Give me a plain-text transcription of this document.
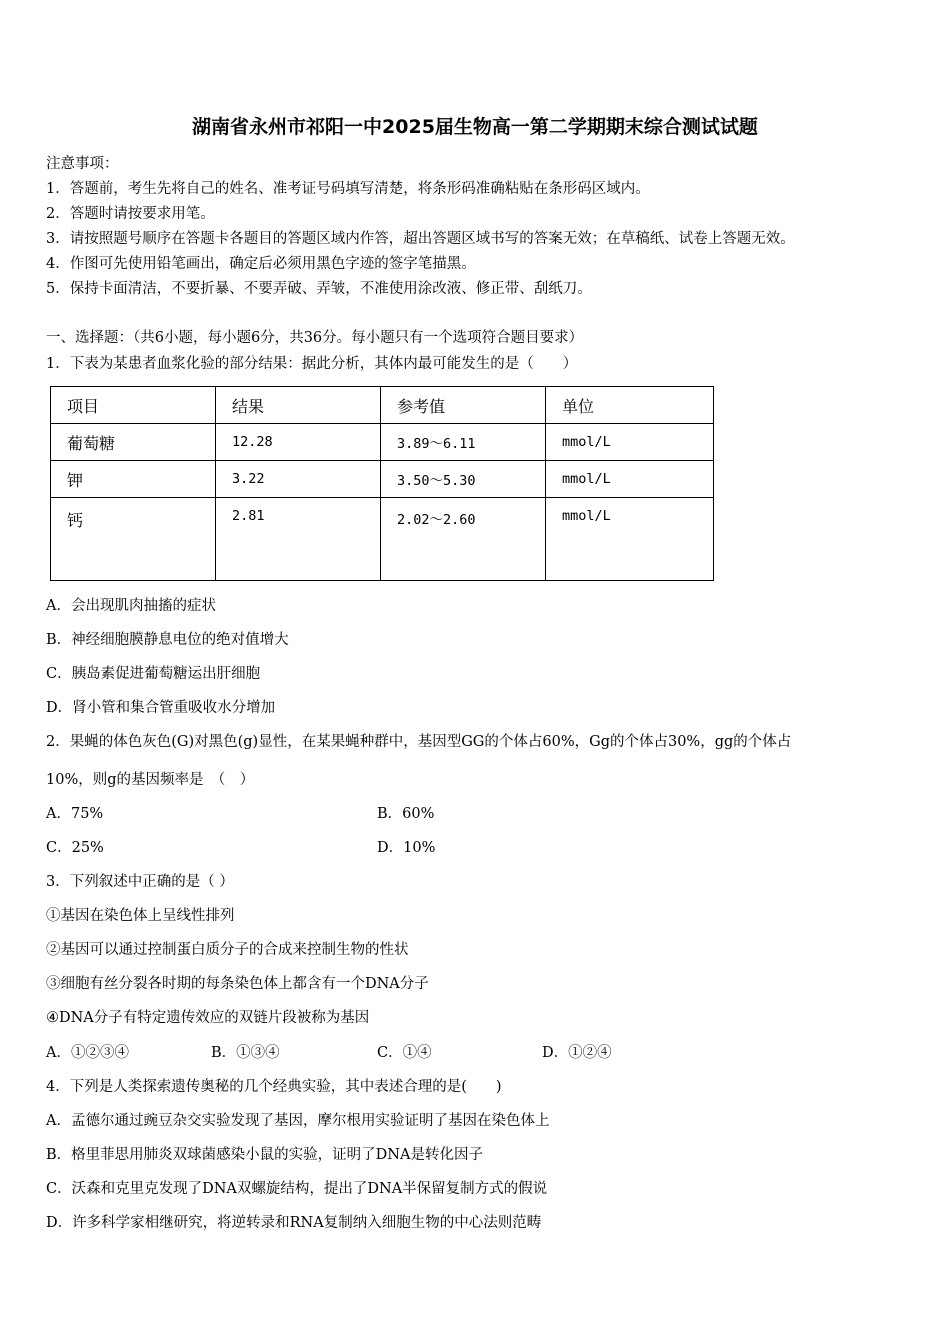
湖南省永州市祁阳一中2025届生物高一第二学期期末综合测试试题
注意事项：
1．答题前，考生先将自己的姓名、准考证号码填写清楚，将条形码准确粘贴在条形码区域内。
2．答题时请按要求用笔。
3．请按照题号顺序在答题卡各题目的答题区域内作答，超出答题区域书写的答案无效；在草稿纸、试卷上答题无效。
4．作图可先使用铅笔画出，确定后必须用黑色字迹的签字笔描黑。
5．保持卡面清洁，不要折暴、不要弄破、弄皱，不准使用涂改液、修正带、刮纸刀。
一、选择题：（共6小题，每小题6分，共36分。每小题只有一个选项符合题目要求）
1．下表为某患者血浆化验的部分结果：据此分析，其体内最可能发生的是（　　）
项目	结果	参考值	单位
葡萄糖	12.28	3.89～6.11	mmol/L
钾	3.22	3.50～5.30	mmol/L
钙	2.81	2.02～2.60	mmol/L
A．会出现肌肉抽搐的症状
B．神经细胞膜静息电位的绝对值增大
C．胰岛素促进葡萄糖运出肝细胞
D．肾小管和集合管重吸收水分增加
2．果蝇的体色灰色(G)对黑色(g)显性，在某果蝇种群中，基因型GG的个体占60%，Gg的个体占30%，gg的个体占
10%，则g的基因频率是　（　）
A．75%	B．60%
C．25%	D．10%
3．下列叙述中正确的是（ ）
①基因在染色体上呈线性排列
②基因可以通过控制蛋白质分子的合成来控制生物的性状
③细胞有丝分裂各时期的每条染色体上都含有一个DNA分子
④DNA分子有特定遗传效应的双链片段被称为基因
A．①②③④	B．①③④	C．①④	D．①②④
4．下列是人类探索遗传奥秘的几个经典实验，其中表述合理的是(　　)
A．孟德尔通过豌豆杂交实验发现了基因，摩尔根用实验证明了基因在染色体上
B．格里菲思用肺炎双球菌感染小鼠的实验，证明了DNA是转化因子
C．沃森和克里克发现了DNA双螺旋结构，提出了DNA半保留复制方式的假说
D．许多科学家相继研究，将逆转录和RNA复制纳入细胞生物的中心法则范畴
